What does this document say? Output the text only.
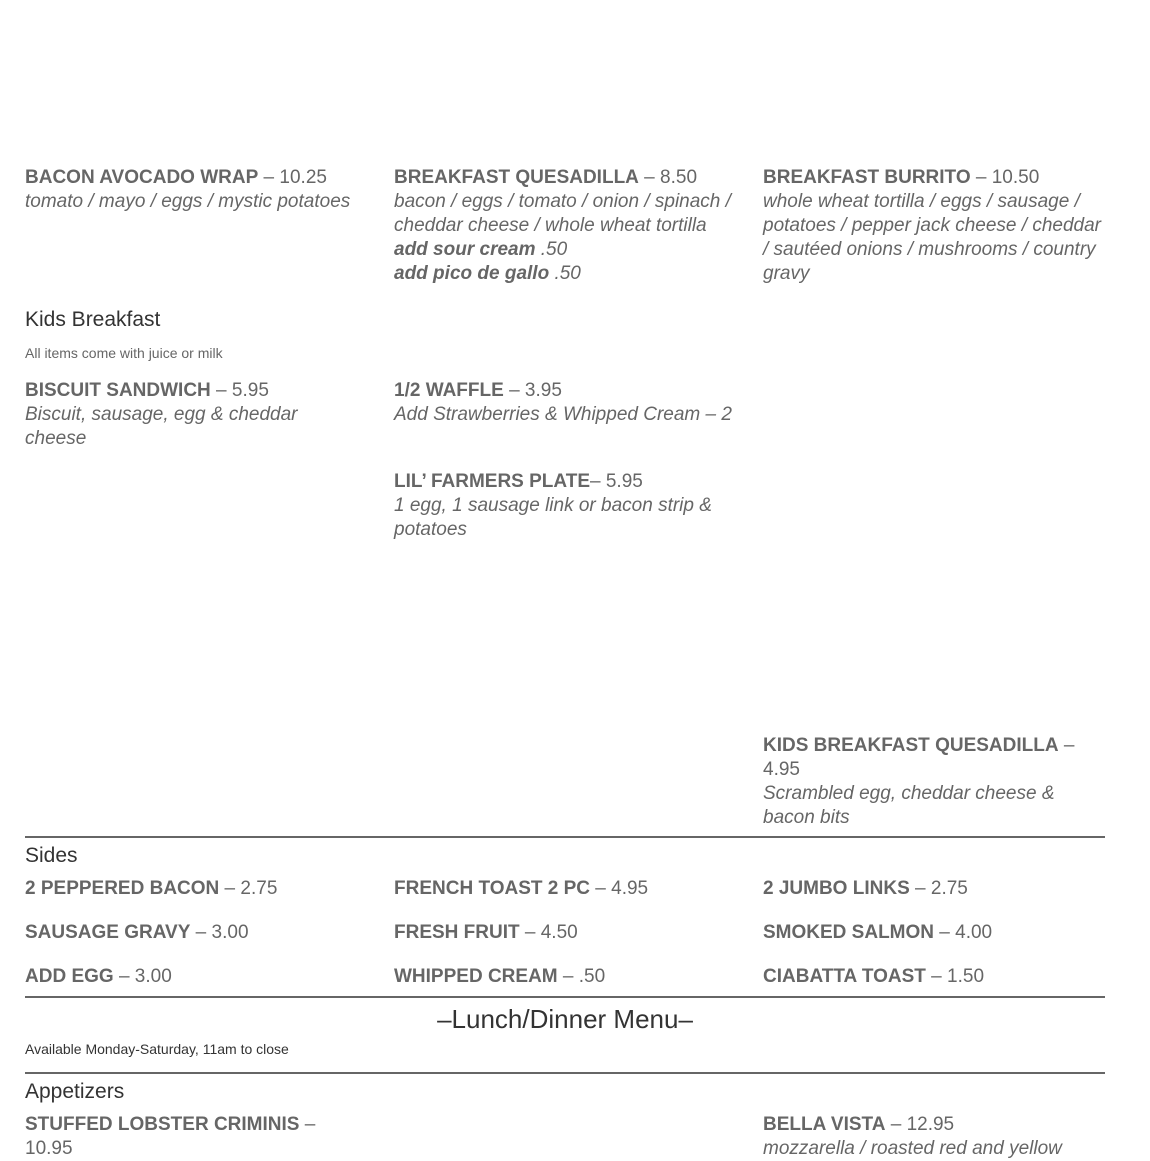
BACON AVOCADO WRAP – 10.25
tomato / mayo / eggs / mystic potatoes
BREAKFAST QUESADILLA – 8.50
bacon / eggs / tomato / onion / spinach / cheddar cheese / whole wheat tortilla
add sour cream .50
add pico de gallo .50
BREAKFAST BURRITO – 10.50
whole wheat tortilla / eggs / sausage / potatoes / pepper jack cheese / cheddar / sautéed onions / mushrooms / country gravy
Kids Breakfast
All items come with juice or milk
BISCUIT SANDWICH – 5.95
Biscuit, sausage, egg & cheddar cheese
1/2 WAFFLE – 3.95
Add Strawberries & Whipped Cream – 2
LIL’ FARMERS PLATE– 5.95
1 egg, 1 sausage link or bacon strip & potatoes
KIDS BREAKFAST QUESADILLA – 4.95
Scrambled egg, cheddar cheese & bacon bits
Sides
2 PEPPERED BACON – 2.75	FRENCH TOAST 2 PC – 4.95	2 JUMBO LINKS – 2.75
SAUSAGE GRAVY – 3.00	FRESH FRUIT – 4.50	SMOKED SALMON – 4.00
ADD EGG – 3.00	WHIPPED CREAM – .50	CIABATTA TOAST – 1.50
–Lunch/Dinner Menu–
Available Monday-Saturday, 11am to close
Appetizers
STUFFED LOBSTER CRIMINIS – 10.95
BELLA VISTA – 12.95
mozzarella / roasted red and yellow
